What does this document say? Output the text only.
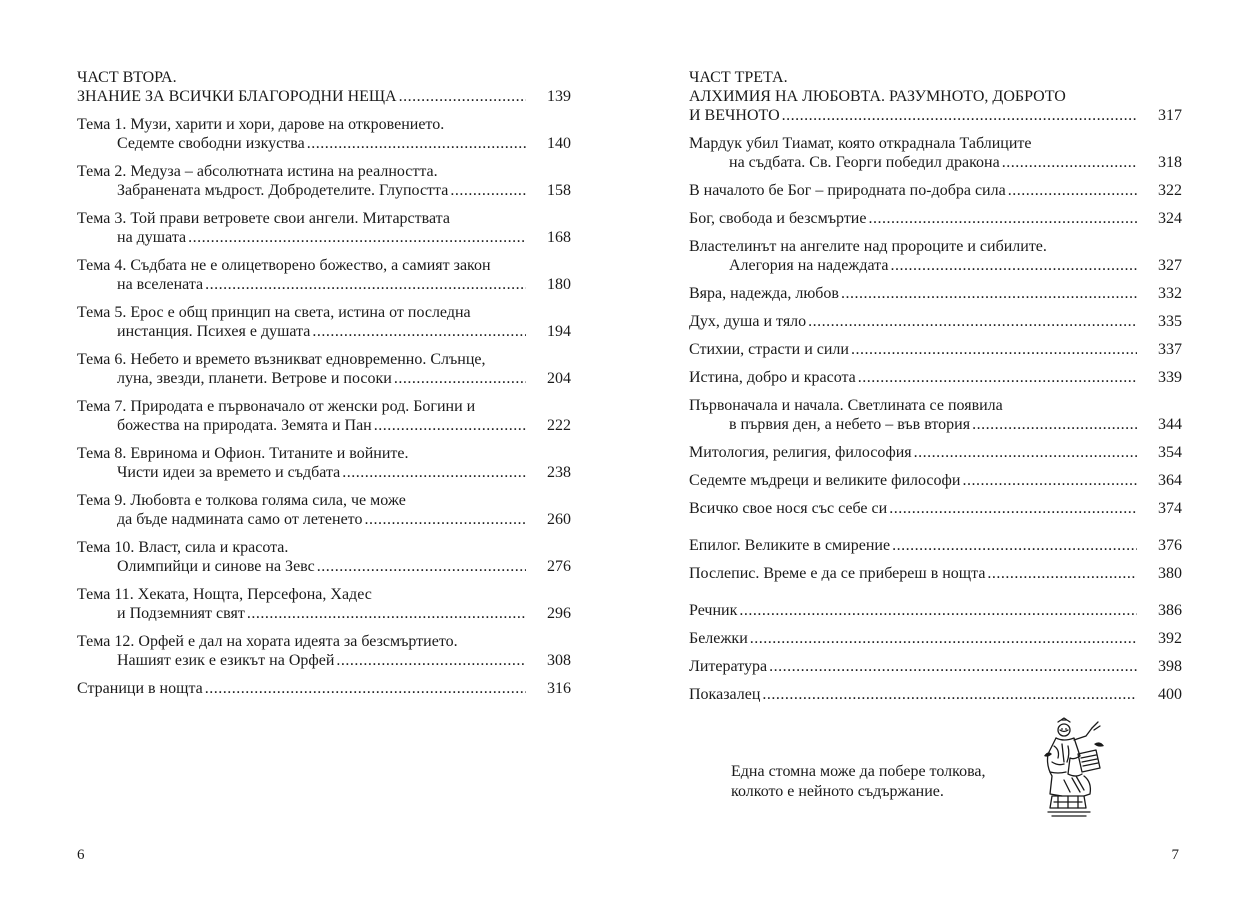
ЧАСТ ВТОРА.
ЗНАНИЕ ЗА ВСИЧКИ БЛАГОРОДНИ НЕЩА .....	139
Тема 1. Музи, харити и хори, дарове на откровението.
Седемте свободни изкуства .....	140
Тема 2. Медуза – абсолютната истина на реалността.
Забранената мъдрост. Добродетелите. Глупостта .....	158
Тема 3. Той прави ветровете свои ангели. Митарствата
на душата .....	168
Тема 4. Съдбата не е олицетворено божество, а самият закон
на вселената .....	180
Тема 5. Ерос е общ принцип на света, истина от последна
инстанция. Психея е душата .....	194
Тема 6. Небето и времето възникват едновременно. Слънце,
луна, звезди, планети. Ветрове и посоки .....	204
Тема 7. Природата е първоначало от женски род. Богини и
божества на природата. Земята и Пан .....	222
Тема 8. Евринома и Офион. Титаните и войните.
Чисти идеи за времето и съдбата .....	238
Тема 9. Любовта е толкова голяма сила, че може
да бъде надмината само от летенето .....	260
Тема 10. Власт, сила и красота.
Олимпийци и синове на Зевс .....	276
Тема 11. Хеката, Нощта, Персефона, Хадес
и Подземният свят .....	296
Тема 12. Орфей е дал на хората идеята за безсмъртието.
Нашият език е езикът на Орфей .....	308
Страници в нощта .....	316
6
ЧАСТ ТРЕТА.
АЛХИМИЯ НА ЛЮБОВТА. РАЗУМНОТО, ДОБРОТО
И ВЕЧНОТО .....	317
Мардук убил Тиамат, която откраднала Таблиците
на съдбата. Св. Георги победил дракона .....	318
В началото бе Бог – природната по-добра сила .....	322
Бог, свобода и безсмъртие .....	324
Властелинът на ангелите над пророците и сибилите.
Алегория на надеждата .....	327
Вяра, надежда, любов .....	332
Дух, душа и тяло .....	335
Стихии, страсти и сили .....	337
Истина, добро и красота .....	339
Първоначала и начала. Светлината се появила
в първия ден, а небето – във втория .....	344
Митология, религия, философия .....	354
Седемте мъдреци и великите философи .....	364
Всичко свое нося със себе си .....	374
Епилог. Великите в смирение .....	376
Послепис. Време е да се прибереш в нощта .....	380
Речник .....	386
Бележки .....	392
Литература .....	398
Показалец .....	400
Една стомна може да побере толкова,
колкото е нейното съдържание.
7
